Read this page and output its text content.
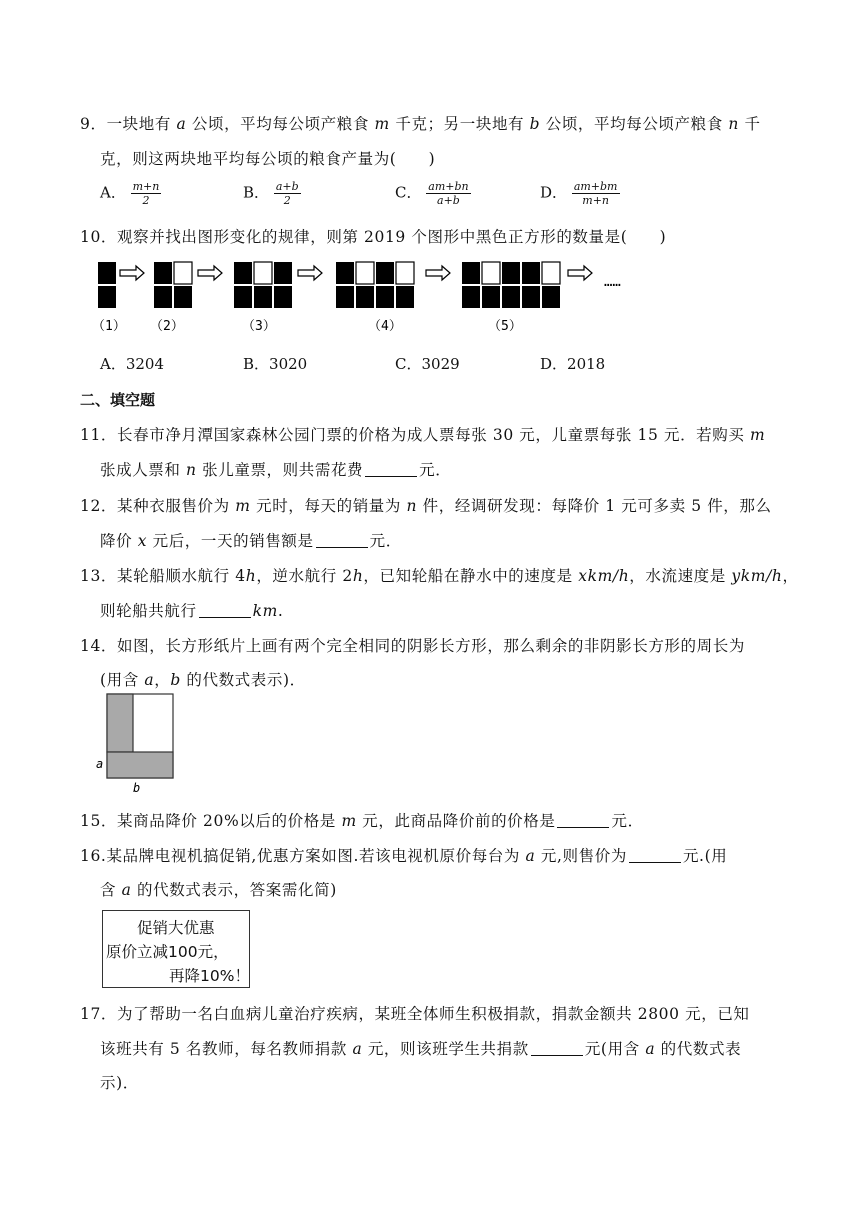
9．一块地有 a 公顷，平均每公顷产粮食 m 千克；另一块地有 b 公顷，平均每公顷产粮食 n 千
克，则这两块地平均每公顷的粮食产量为(　　)
A． $\frac{m+n}{2}$	B． $\frac{a+b}{2}$	C． $\frac{am+bn}{a+b}$	D． $\frac{am+bm}{m+n}$
10．观察并找出图形变化的规律，则第 2019 个图形中黑色正方形的数量是(　　)
……
（1） （2）	（3）	（4）	（5）
A．3204	B．3020	C．3029	D．2018
二、填空题
11．长春市净月潭国家森林公园门票的价格为成人票每张 30 元，儿童票每张 15 元．若购买 m
张成人票和 n 张儿童票，则共需花费	元．
12．某种衣服售价为 m 元时，每天的销量为 n 件，经调研发现：每降价 1 元可多卖 5 件，那么
降价 x 元后，一天的销售额是	元．
13．某轮船顺水航行 4h，逆水航行 2h，已知轮船在静水中的速度是 xkm/h，水流速度是 ykm/h，
则轮船共航行	km.
14．如图，长方形纸片上画有两个完全相同的阴影长方形，那么剩余的非阴影长方形的周长为
(用含 a，b 的代数式表示)．
a
b
15．某商品降价 20%以后的价格是 m 元，此商品降价前的价格是	元．
16.某品牌电视机搞促销,优惠方案如图.若该电视机原价每台为 a 元,则售价为	元.(用
含 a 的代数式表示，答案需化简)
促销大优惠
原价立减100元，
再降10%！
17．为了帮助一名白血病儿童治疗疾病，某班全体师生积极捐款，捐款金额共 2800 元，已知
该班共有 5 名教师，每名教师捐款 a 元，则该班学生共捐款	元(用含 a 的代数式表
示)．
